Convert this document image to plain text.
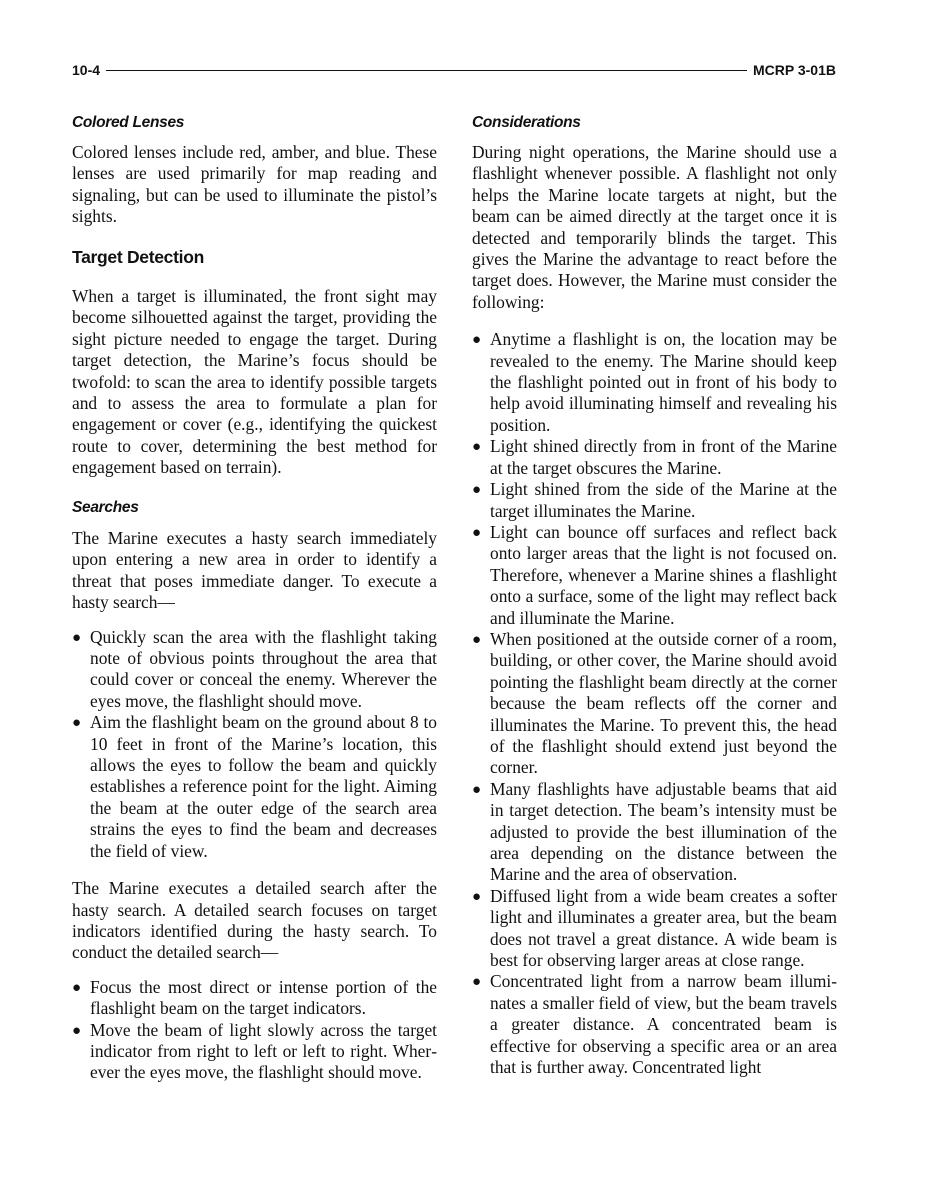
10-4	MCRP 3-01B
Colored Lenses

Colored lenses include red, amber, and blue. These lenses are used primarily for map reading and signaling, but can be used to illuminate the pistol’s sights.

Target Detection

When a target is illuminated, the front sight may become silhouetted against the target, providing the sight picture needed to engage the target. During target detection, the Marine’s focus should be twofold: to scan the area to identify possible targets and to assess the area to formulate a plan for engagement or cover (e.g., identifying the quickest route to cover, determining the best method for engagement based on terrain).

Searches

The Marine executes a hasty search immediately upon entering a new area in order to identify a threat that poses immediate danger. To execute a hasty search—

● Quickly scan the area with the flashlight taking note of obvious points throughout the area that could cover or conceal the enemy. Wherever the eyes move, the flashlight should move.
● Aim the flashlight beam on the ground about 8 to 10 feet in front of the Marine’s location, this allows the eyes to follow the beam and quickly establishes a reference point for the light. Aiming the beam at the outer edge of the search area strains the eyes to find the beam and decreases the field of view.

The Marine executes a detailed search after the hasty search. A detailed search focuses on target indicators identified during the hasty search. To conduct the detailed search—

● Focus the most direct or intense portion of the flashlight beam on the target indicators.
● Move the beam of light slowly across the target indicator from right to left or left to right. Wherever the eyes move, the flashlight should move.
Considerations

During night operations, the Marine should use a flashlight whenever possible. A flashlight not only helps the Marine locate targets at night, but the beam can be aimed directly at the target once it is detected and temporarily blinds the target. This gives the Marine the advantage to react before the target does. However, the Marine must consider the following:

● Anytime a flashlight is on, the location may be revealed to the enemy. The Marine should keep the flashlight pointed out in front of his body to help avoid illuminating himself and revealing his position.
● Light shined directly from in front of the Marine at the target obscures the Marine.
● Light shined from the side of the Marine at the target illuminates the Marine.
● Light can bounce off surfaces and reflect back onto larger areas that the light is not focused on. Therefore, whenever a Marine shines a flashlight onto a surface, some of the light may reflect back and illuminate the Marine.
● When positioned at the outside corner of a room, building, or other cover, the Marine should avoid pointing the flashlight beam directly at the corner because the beam reflects off the corner and illuminates the Marine. To prevent this, the head of the flashlight should extend just beyond the corner.
● Many flashlights have adjustable beams that aid in target detection. The beam’s intensity must be adjusted to provide the best illumination of the area depending on the distance between the Marine and the area of observation.
● Diffused light from a wide beam creates a softer light and illuminates a greater area, but the beam does not travel a great distance. A wide beam is best for observing larger areas at close range.
● Concentrated light from a narrow beam illuminates a smaller field of view, but the beam travels a greater distance. A concentrated beam is effective for observing a specific area or an area that is further away. Concentrated light
